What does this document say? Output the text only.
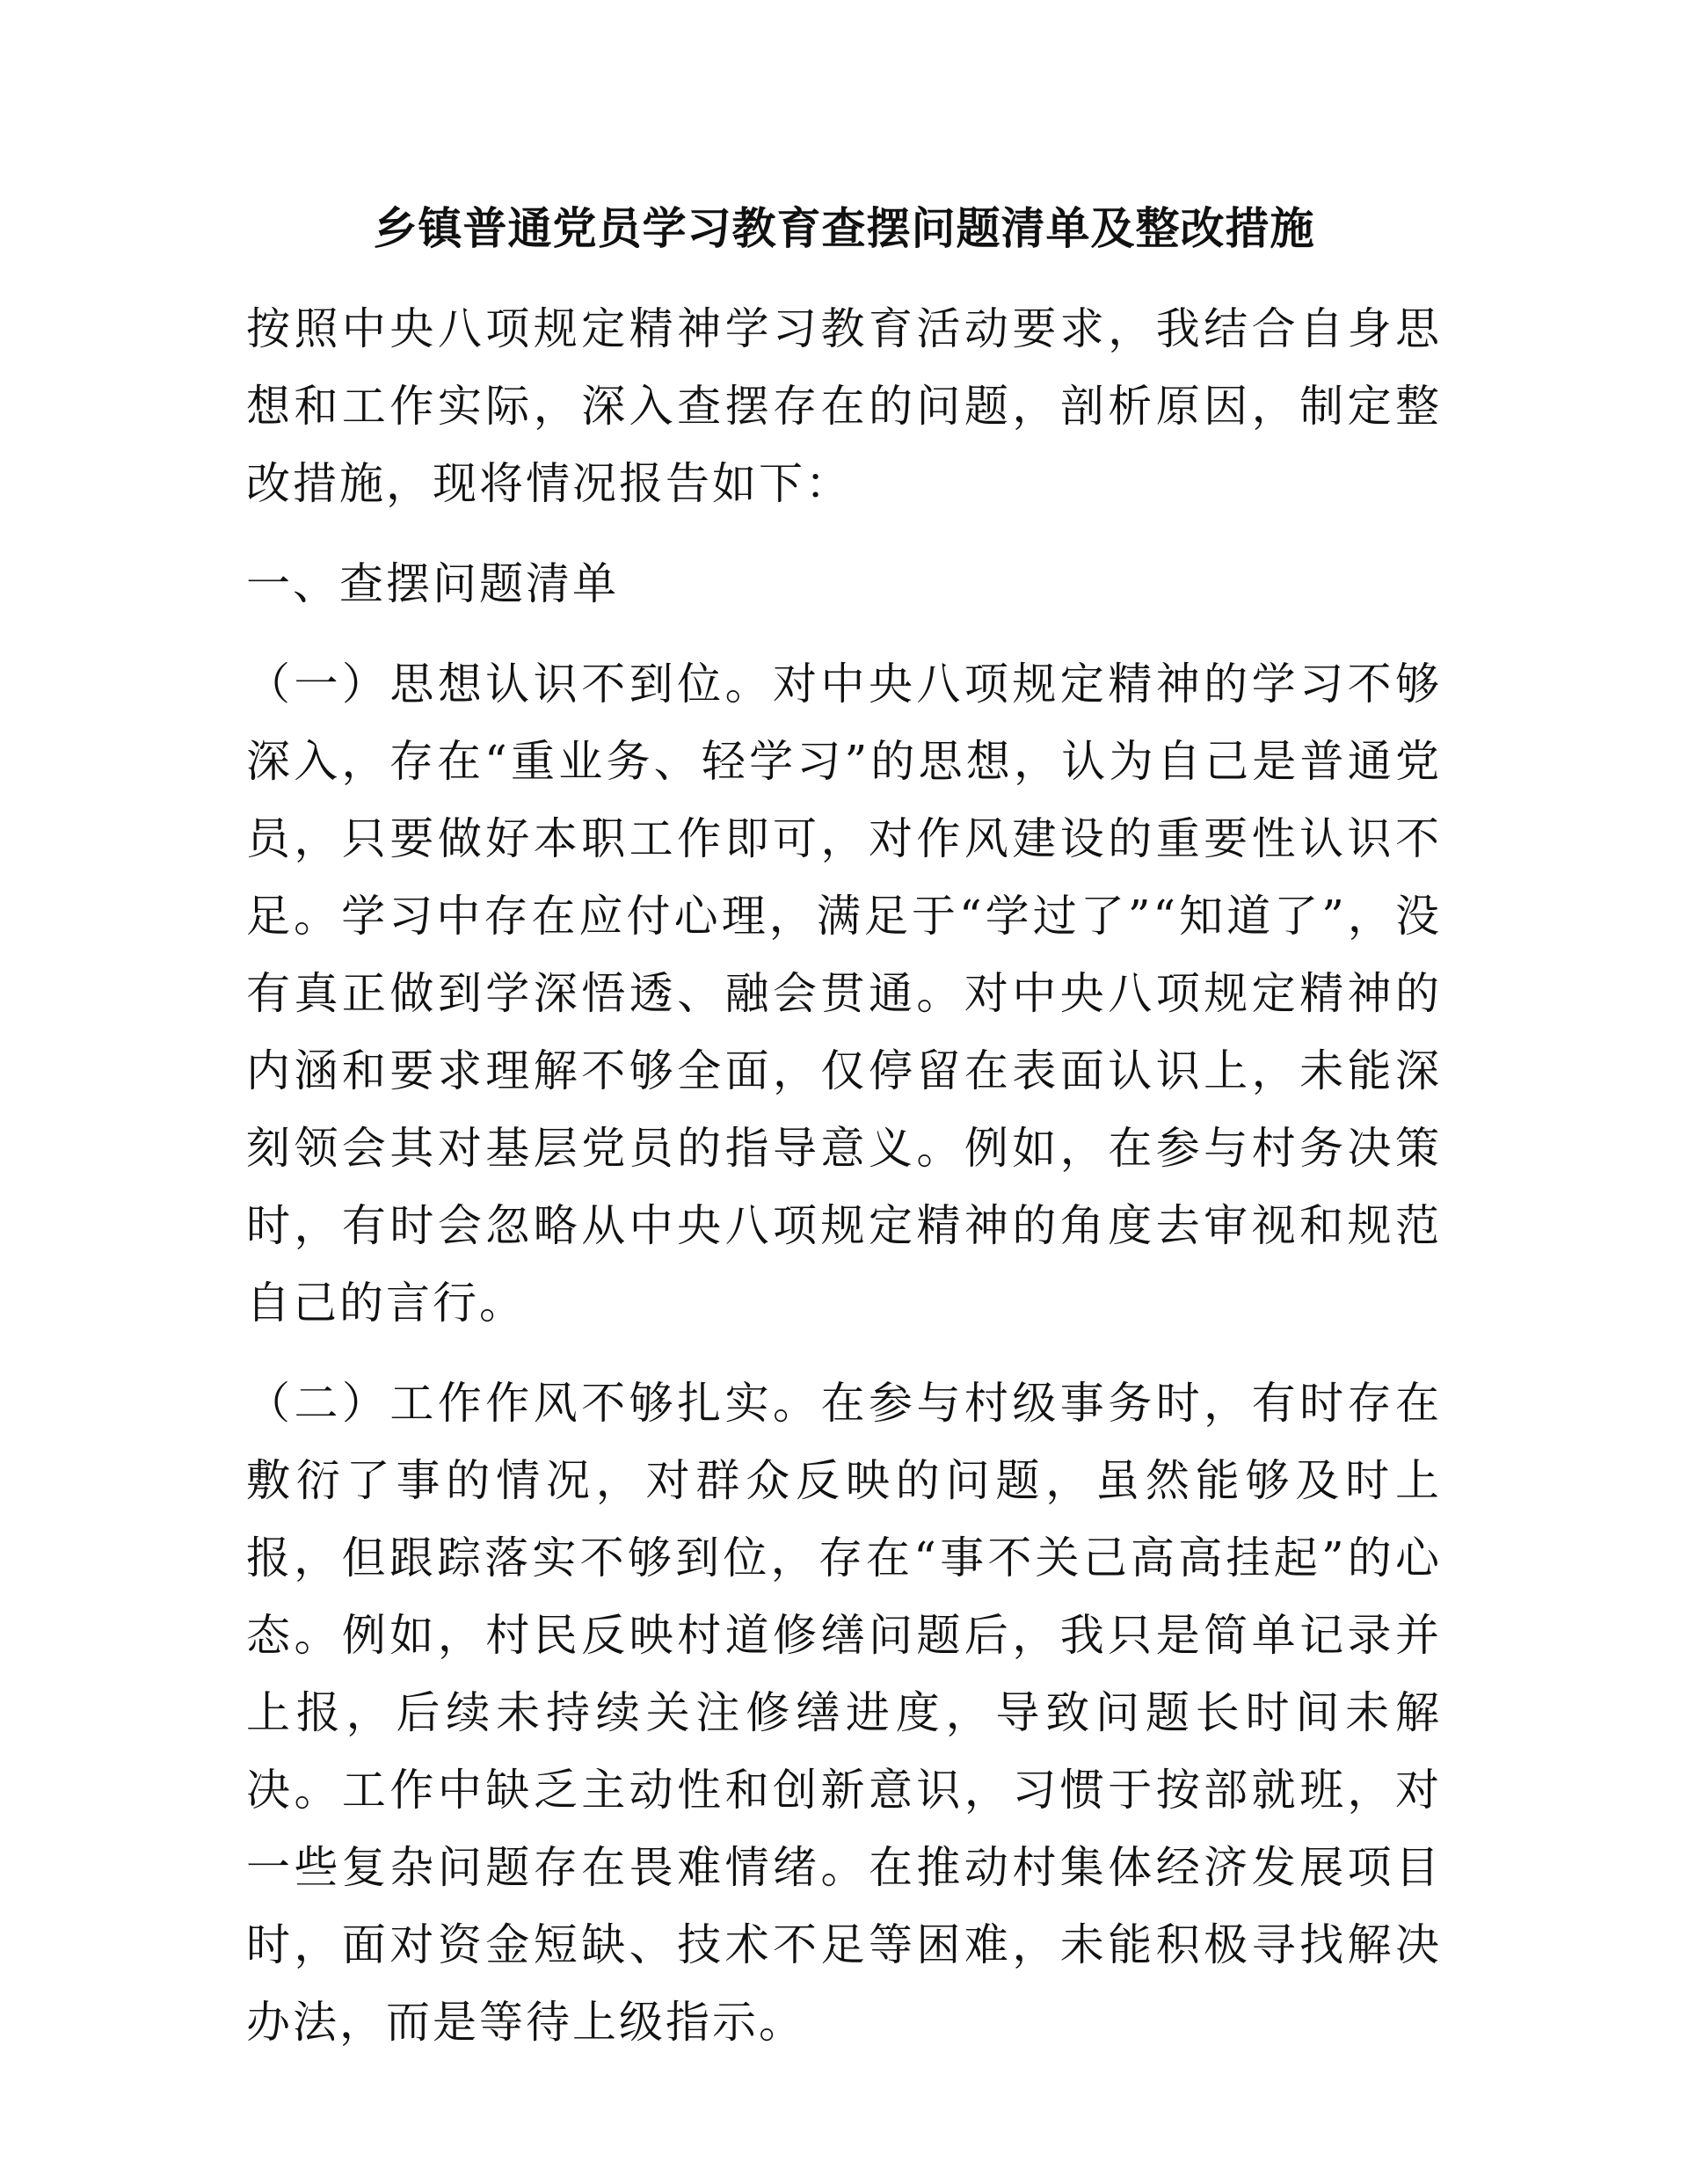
乡镇普通党员学习教育查摆问题清单及整改措施

按照中央八项规定精神学习教育活动要求，我结合自身思想和工作实际，深入查摆存在的问题，剖析原因，制定整改措施，现将情况报告如下：

一、查摆问题清单

（一）思想认识不到位。对中央八项规定精神的学习不够深入，存在“重业务、轻学习”的思想，认为自己是普通党员，只要做好本职工作即可，对作风建设的重要性认识不足。学习中存在应付心理，满足于“学过了”“知道了”，没有真正做到学深悟透、融会贯通。对中央八项规定精神的内涵和要求理解不够全面，仅停留在表面认识上，未能深刻领会其对基层党员的指导意义。例如，在参与村务决策时，有时会忽略从中央八项规定精神的角度去审视和规范自己的言行。

（二）工作作风不够扎实。在参与村级事务时，有时存在敷衍了事的情况，对群众反映的问题，虽然能够及时上报，但跟踪落实不够到位，存在“事不关己高高挂起”的心态。例如，村民反映村道修缮问题后，我只是简单记录并上报，后续未持续关注修缮进度，导致问题长时间未解决。工作中缺乏主动性和创新意识，习惯于按部就班，对一些复杂问题存在畏难情绪。在推动村集体经济发展项目时，面对资金短缺、技术不足等困难，未能积极寻找解决办法，而是等待上级指示。
